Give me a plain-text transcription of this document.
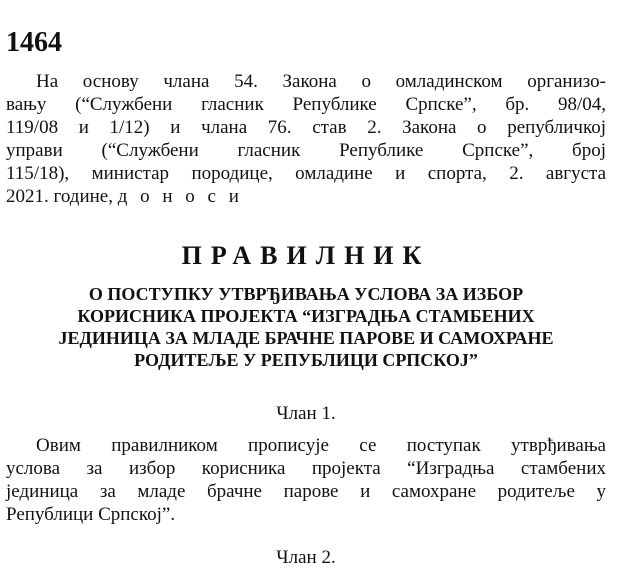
1464
На основу члана 54. Закона о омладинском организо-
вању (“Службени гласник Републике Српске”, бр. 98/04,
119/08 и 1/12) и члана 76. став 2. Закона о републичкој
управи (“Службени гласник Републике Српске”, број
115/18), министар породице, омладине и спорта, 2. августа
2021. године, д о н о с и
ПРАВИЛНИК
О ПОСТУПКУ УТВРЂИВАЊА УСЛОВА ЗА ИЗБОР
КОРИСНИКА ПРОЈЕКТА “ИЗГРАДЊА СТАМБЕНИХ
ЈЕДИНИЦА ЗА МЛАДЕ БРАЧНЕ ПАРОВЕ И САМОХРАНЕ
РОДИТЕЉЕ У РЕПУБЛИЦИ СРПСКОЈ”
Члан 1.
Овим правилником прописује се поступак утврђивања
услова за избор корисника пројекта “Изградња стамбених
јединица за младе брачне парове и самохране родитеље у
Републици Српској”.
Члан 2.
